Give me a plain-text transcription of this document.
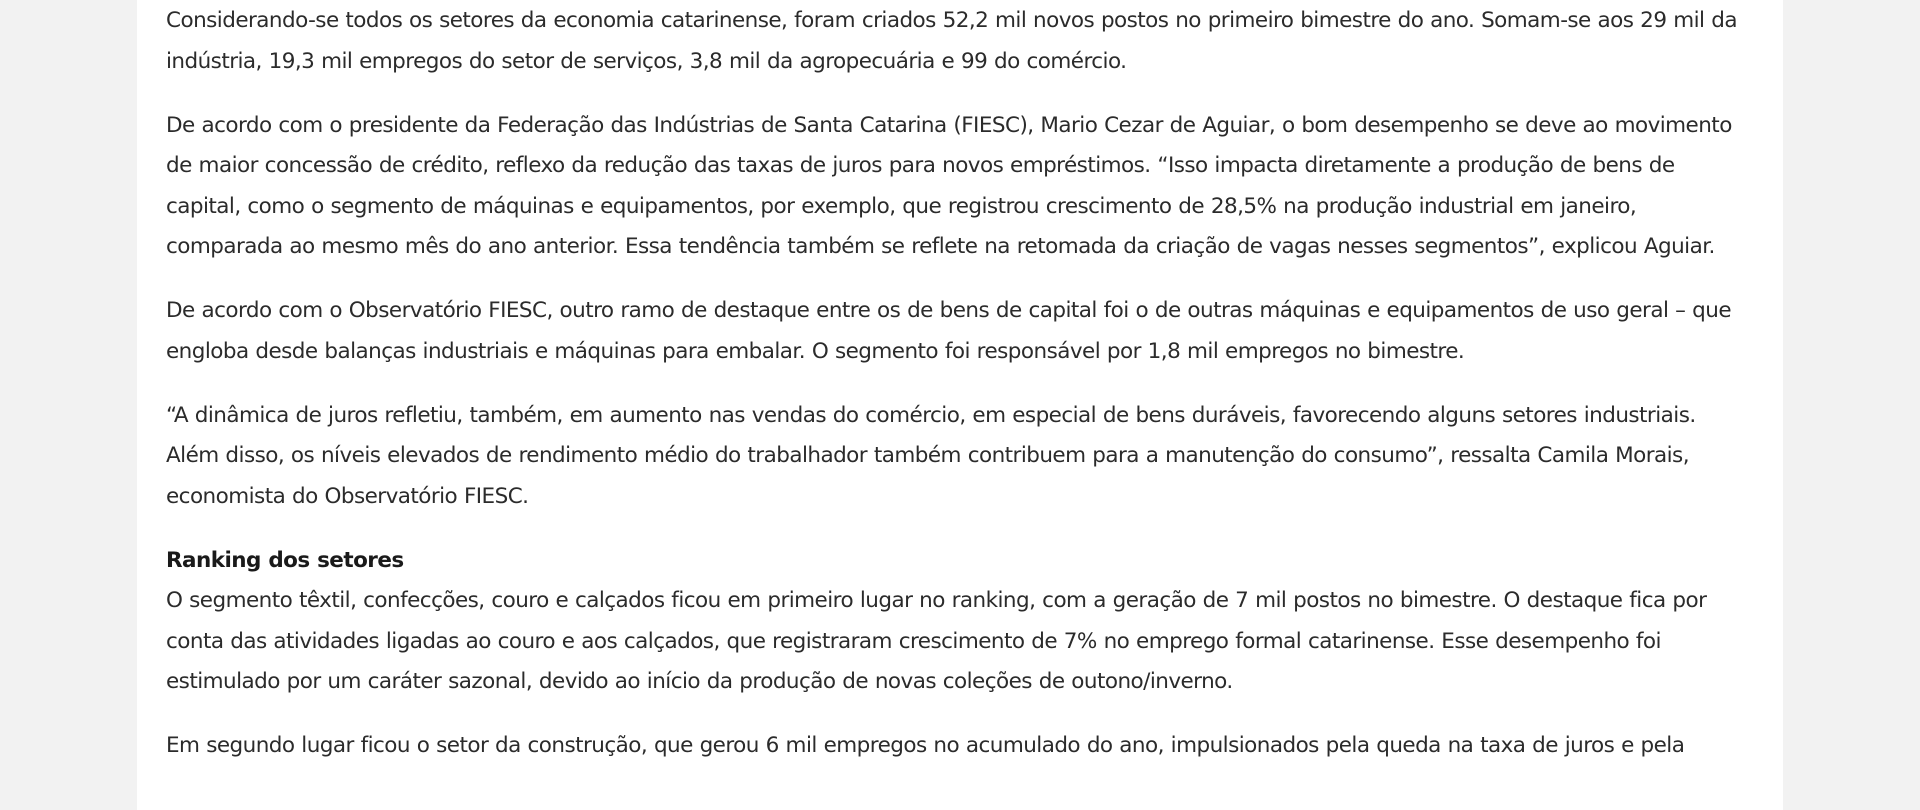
Considerando-se todos os setores da economia catarinense, foram criados 52,2 mil novos postos no primeiro bimestre do ano. Somam-se aos 29 mil da indústria, 19,3 mil empregos do setor de serviços, 3,8 mil da agropecuária e 99 do comércio.

De acordo com o presidente da Federação das Indústrias de Santa Catarina (FIESC), Mario Cezar de Aguiar, o bom desempenho se deve ao movimento de maior concessão de crédito, reflexo da redução das taxas de juros para novos empréstimos. “Isso impacta diretamente a produção de bens de capital, como o segmento de máquinas e equipamentos, por exemplo, que registrou crescimento de 28,5% na produção industrial em janeiro, comparada ao mesmo mês do ano anterior. Essa tendência também se reflete na retomada da criação de vagas nesses segmentos”, explicou Aguiar.

De acordo com o Observatório FIESC, outro ramo de destaque entre os de bens de capital foi o de outras máquinas e equipamentos de uso geral – que engloba desde balanças industriais e máquinas para embalar. O segmento foi responsável por 1,8 mil empregos no bimestre.

“A dinâmica de juros refletiu, também, em aumento nas vendas do comércio, em especial de bens duráveis, favorecendo alguns setores industriais. Além disso, os níveis elevados de rendimento médio do trabalhador também contribuem para a manutenção do consumo”, ressalta Camila Morais, economista do Observatório FIESC.

Ranking dos setores
O segmento têxtil, confecções, couro e calçados ficou em primeiro lugar no ranking, com a geração de 7 mil postos no bimestre. O destaque fica por conta das atividades ligadas ao couro e aos calçados, que registraram crescimento de 7% no emprego formal catarinense. Esse desempenho foi estimulado por um caráter sazonal, devido ao início da produção de novas coleções de outono/inverno.

Em segundo lugar ficou o setor da construção, que gerou 6 mil empregos no acumulado do ano, impulsionados pela queda na taxa de juros e pela
